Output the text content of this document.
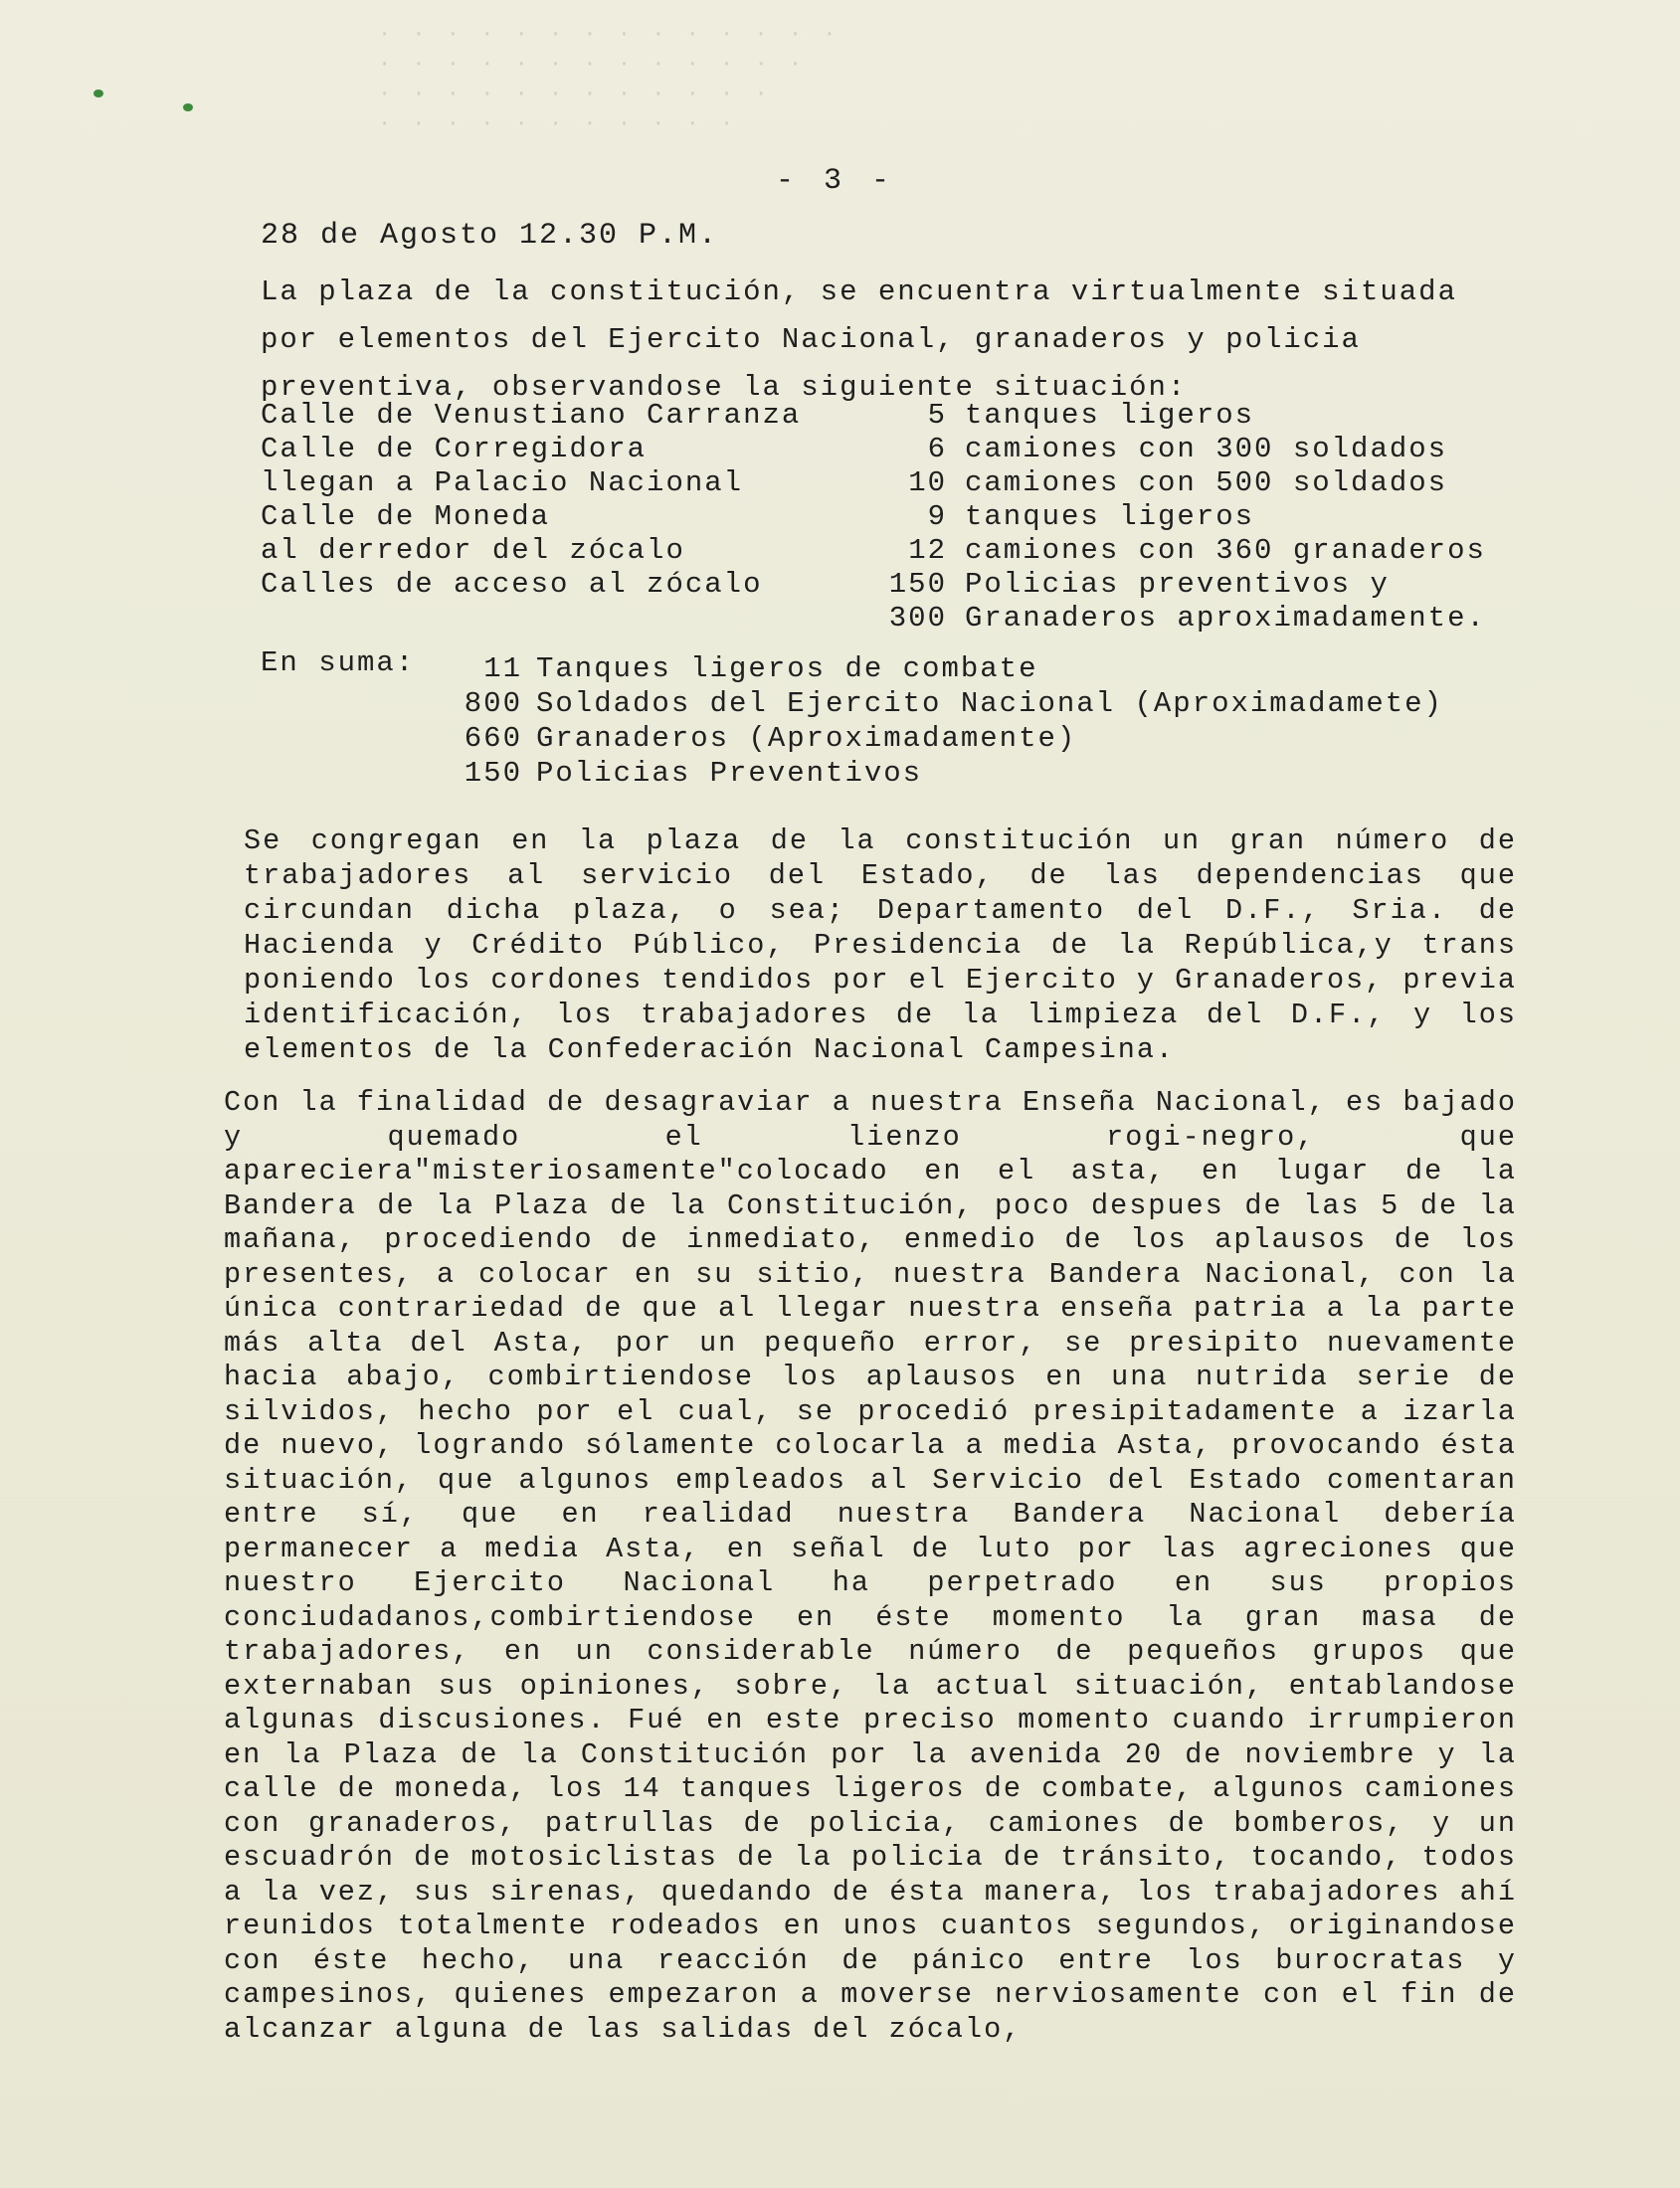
· · · · · · · · · · · · · ·
· · · · · · · · · · · · ·
· · · · · · · · · · · ·
· · · · · · · · · · ·
- 3 -
28 de Agosto 12.30 P.M.

La plaza de la constitución, se encuentra virtualmente situada por elementos del Ejercito Nacional, granaderos y policia preventiva, observandose la siguiente situación:

Calle de Venustiano Carranza	5	tanques ligeros
Calle de Corregidora	6	camiones con 300 soldados
llegan a Palacio Nacional	10	camiones con 500 soldados
Calle de Moneda	9	tanques ligeros
al derredor del zócalo	12	camiones con 360 granaderos
Calles de acceso al zócalo	150	Policias preventivos y
	300	Granaderos aproximadamente.
En suma: 11	Tanques ligeros de combate
800	Soldados del Ejercito Nacional (Aproximadamete)
660	Granaderos (Aproximadamente)
150	Policias Preventivos
Se congregan en la plaza de la constitución un gran número de trabajadores al servicio del Estado, de las dependencias que circundan dicha plaza, o sea; Departamento del D.F., Sria. de Hacienda y Crédito Público, Presidencia de la República,y trans poniendo los cordones tendidos por el Ejercito y Granaderos, previa identificación, los trabajadores de la limpieza del D.F., y los elementos de la Confederación Nacional Campesina.
Con la finalidad de desagraviar a nuestra Enseña Nacional, es bajado y quemado el lienzo rogi-negro, que apareciera"misteriosamente"colocado en el asta, en lugar de la Bandera de la Plaza de la Constitución, poco despues de las 5 de la mañana, procediendo de inmediato, enmedio de los aplausos de los presentes, a colocar en su sitio, nuestra Bandera Nacional, con la única contrariedad de que al llegar nuestra enseña patria a la parte más alta del Asta, por un pequeño error, se presipito nuevamente hacia abajo, combirtiendose los aplausos en una nutrida serie de silvidos, hecho por el cual, se procedió presipitadamente a izarla de nuevo, logrando sólamente colocarla a media Asta, provocando ésta situación, que algunos empleados al Servicio del Estado comentaran entre sí, que en realidad nuestra Bandera Nacional debería permanecer a media Asta, en señal de luto por las agreciones que nuestro Ejercito Nacional ha perpetrado en sus propios conciudadanos,combirtiendose en éste momento la gran masa de trabajadores, en un considerable número de pequeños grupos que externaban sus opiniones, sobre, la actual situación, entablandose algunas discusiones. Fué en este preciso momento cuando irrumpieron en la Plaza de la Constitución por la avenida 20 de noviembre y la calle de moneda, los 14 tanques ligeros de combate, algunos camiones con granaderos, patrullas de policia, camiones de bomberos, y un escuadrón de motosiclistas de la policia de tránsito, tocando, todos a la vez, sus sirenas, quedando de ésta manera, los trabajadores ahí reunidos totalmente rodeados en unos cuantos segundos, originandose con éste hecho, una reacción de pánico entre los burocratas y campesinos, quienes empezaron a moverse nerviosamente con el fin de alcanzar alguna de las salidas del zócalo,
